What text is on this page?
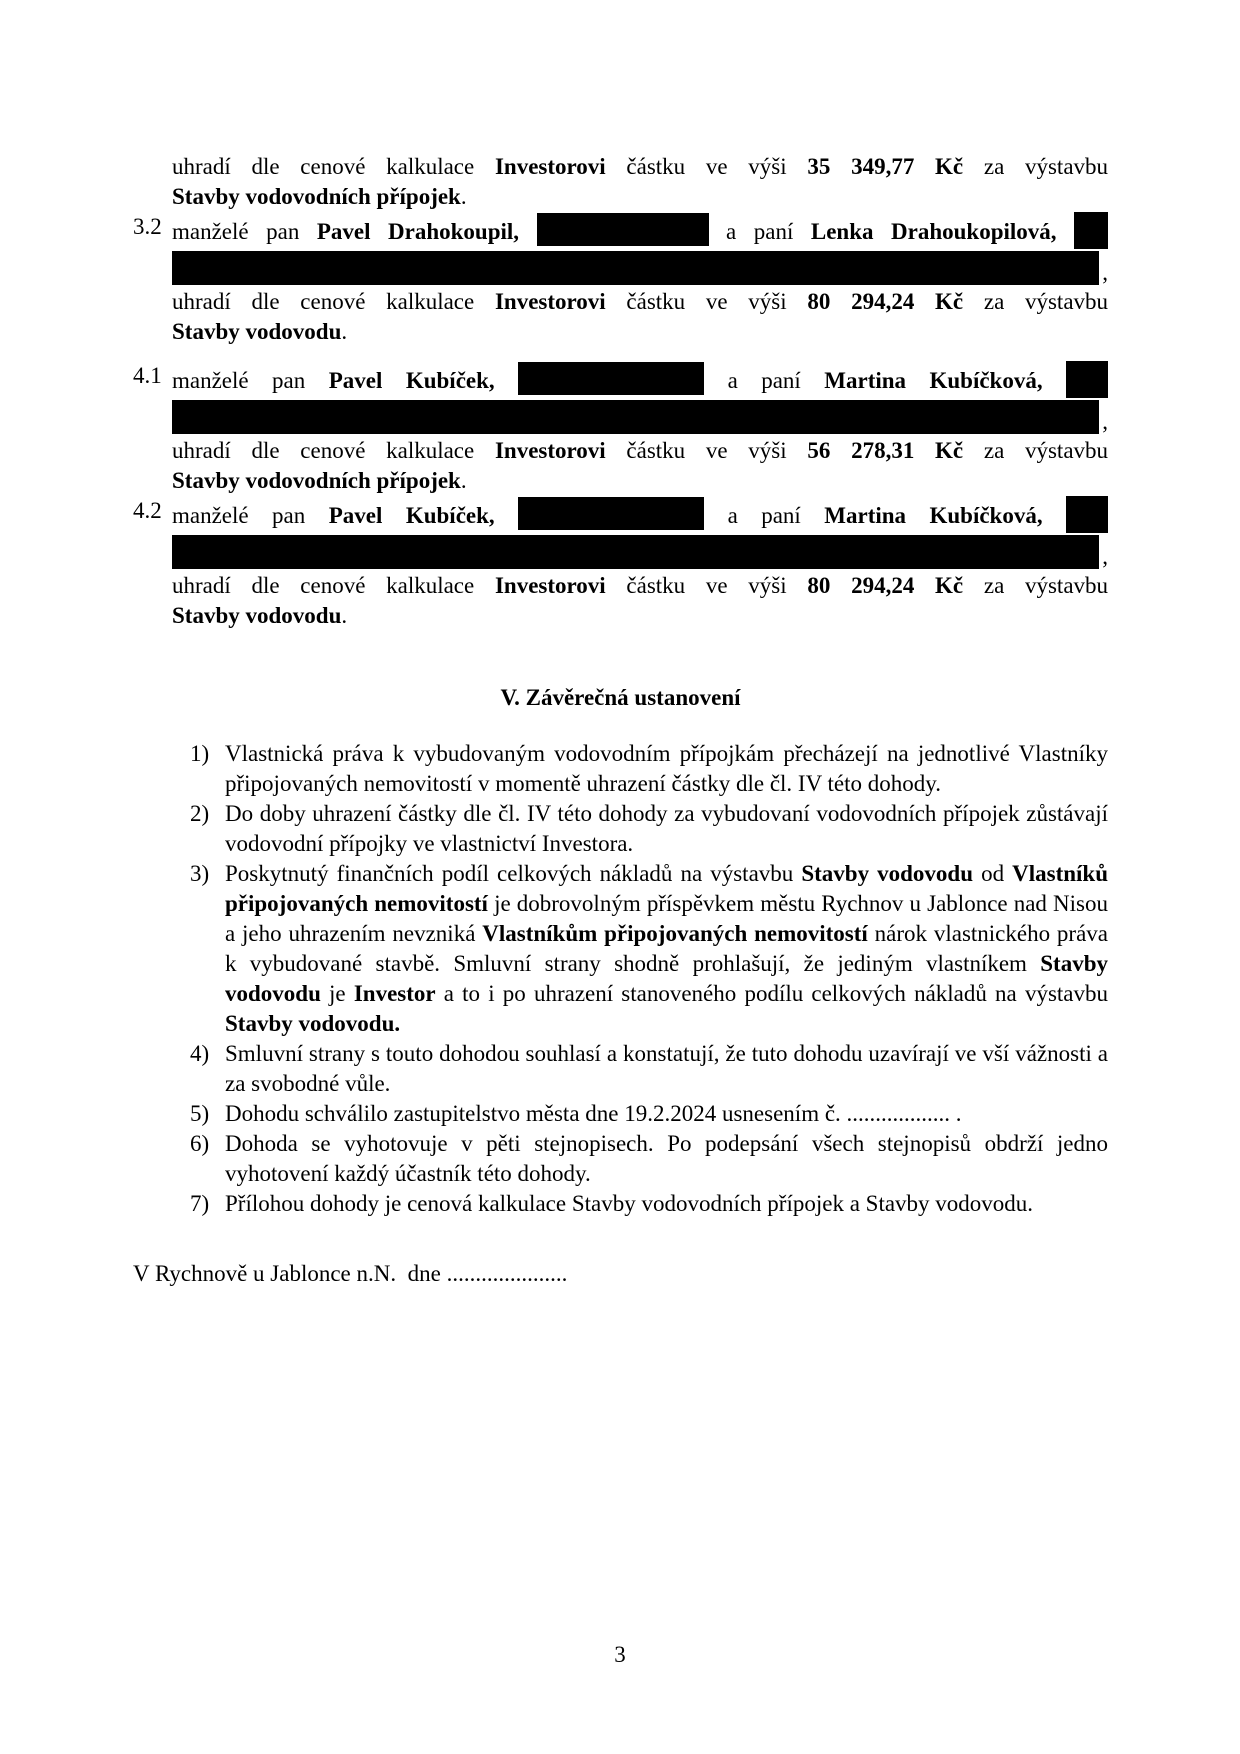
uhradí dle cenové kalkulace Investorovi částku ve výši 35 349,77 Kč za výstavbu
Stavby vodovodních přípojek.
3.2 manželé pan Pavel Drahokoupil,	a paní Lenka Drahoukopilová,
,
uhradí dle cenové kalkulace Investorovi částku ve výši 80 294,24 Kč za výstavbu
Stavby vodovodu.
4.1 manželé pan Pavel Kubíček,	a paní Martina Kubíčková,
,
uhradí dle cenové kalkulace Investorovi částku ve výši 56 278,31 Kč za výstavbu
Stavby vodovodních přípojek.
4.2 manželé pan Pavel Kubíček,	a paní Martina Kubíčková,
,
uhradí dle cenové kalkulace Investorovi částku ve výši 80 294,24 Kč za výstavbu
Stavby vodovodu.
V. Závěrečná ustanovení
1) Vlastnická práva k vybudovaným vodovodním přípojkám přecházejí na jednotlivé Vlastníky připojovaných nemovitostí v momentě uhrazení částky dle čl. IV této dohody.
2) Do doby uhrazení částky dle čl. IV této dohody za vybudovaní vodovodních přípojek zůstávají vodovodní přípojky ve vlastnictví Investora.
3) Poskytnutý finančních podíl celkových nákladů na výstavbu Stavby vodovodu od Vlastníků připojovaných nemovitostí je dobrovolným příspěvkem městu Rychnov u Jablonce nad Nisou a jeho uhrazením nevzniká Vlastníkům připojovaných nemovitostí nárok vlastnického práva k vybudované stavbě. Smluvní strany shodně prohlašují, že jediným vlastníkem Stavby vodovodu je Investor a to i po uhrazení stanoveného podílu celkových nákladů na výstavbu Stavby vodovodu.
4) Smluvní strany s touto dohodou souhlasí a konstatují, že tuto dohodu uzavírají ve vší vážnosti a za svobodné vůle.
5) Dohodu schválilo zastupitelstvo města dne 19.2.2024 usnesením č. .................. .
6) Dohoda se vyhotovuje v pěti stejnopisech. Po podepsání všech stejnopisů obdrží jedno vyhotovení každý účastník této dohody.
7) Přílohou dohody je cenová kalkulace Stavby vodovodních přípojek a Stavby vodovodu.
V Rychnově u Jablonce n.N.  dne .....................
3
